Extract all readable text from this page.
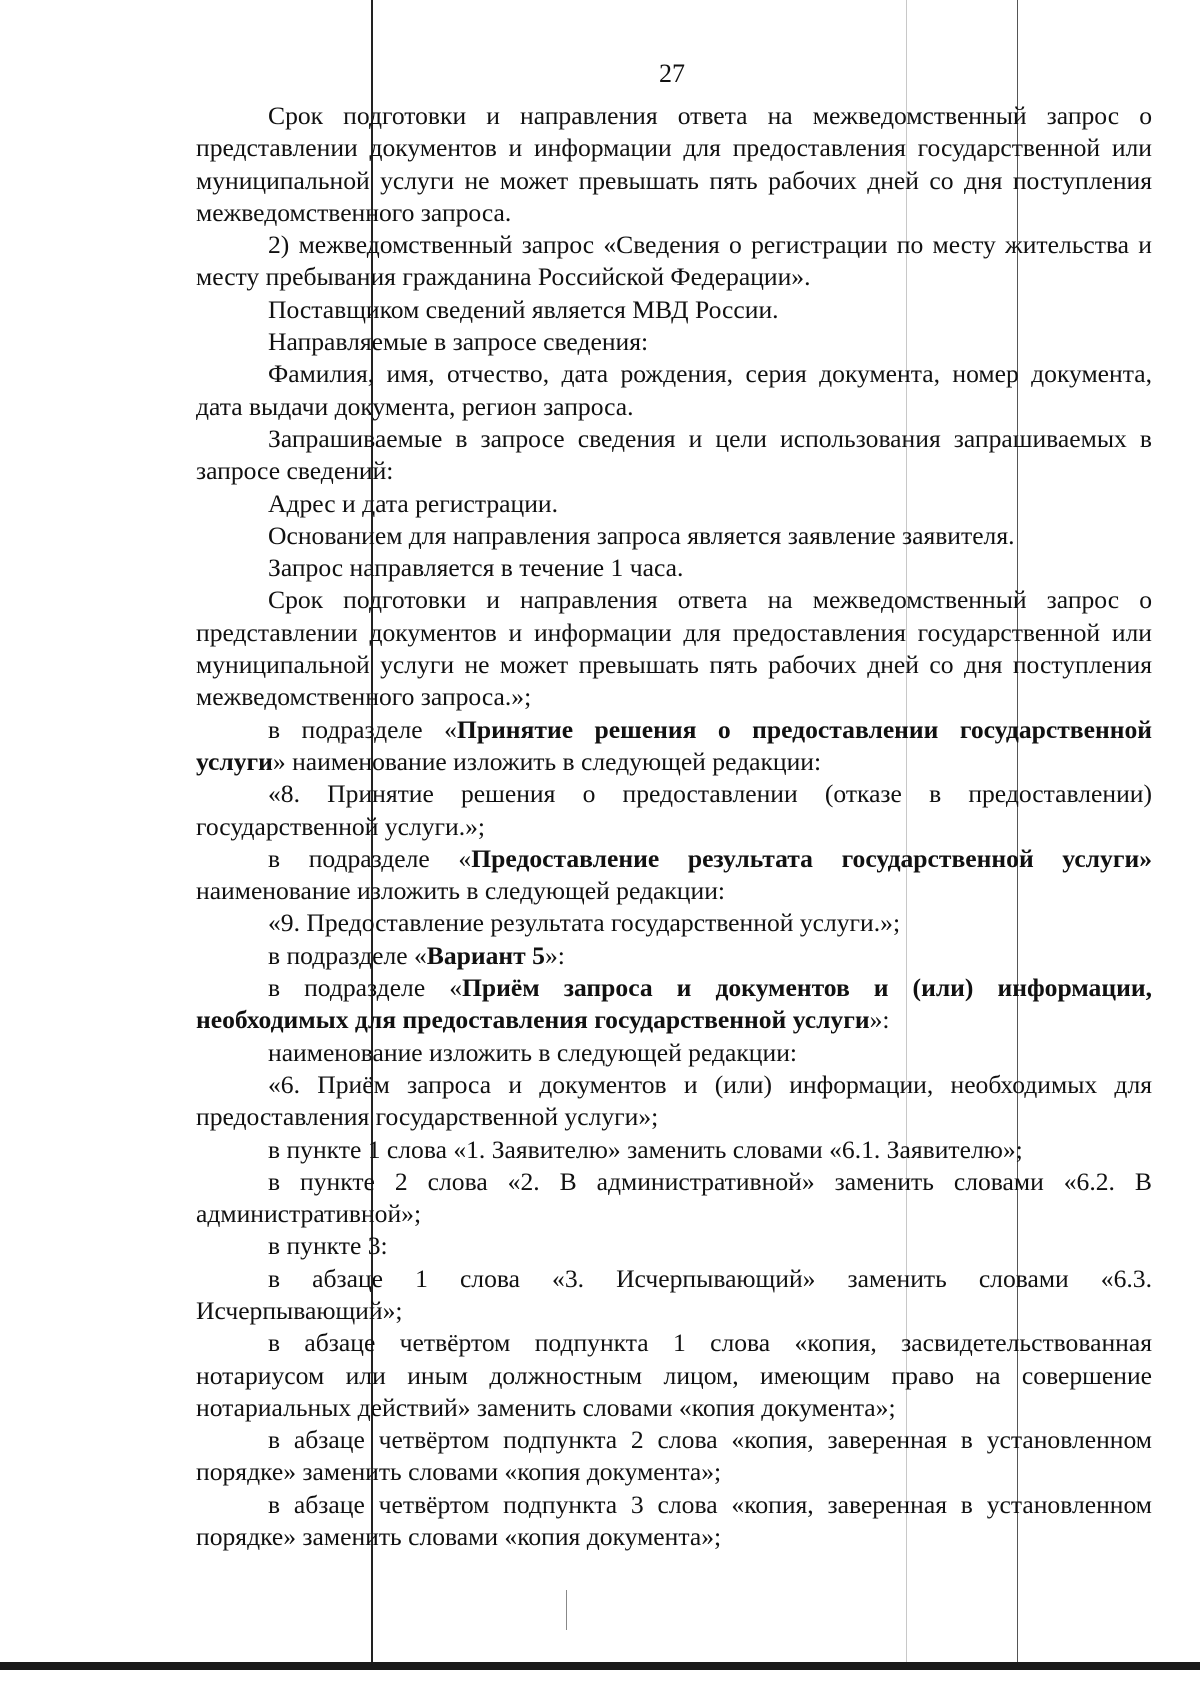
27

Срок подготовки и направления ответа на межведомственный запрос о представлении документов и информации для предоставления государственной или муниципальной услуги не может превышать пять рабочих дней со дня поступления межведомственного запроса.

2) межведомственный запрос «Сведения о регистрации по месту жительства и месту пребывания гражданина Российской Федерации».

Поставщиком сведений является МВД России.

Направляемые в запросе сведения:

Фамилия, имя, отчество, дата рождения, серия документа, номер документа, дата выдачи документа, регион запроса.

Запрашиваемые в запросе сведения и цели использования запрашиваемых в запросе сведений:

Адрес и дата регистрации.

Основанием для направления запроса является заявление заявителя.

Запрос направляется в течение 1 часа.

Срок подготовки и направления ответа на межведомственный запрос о представлении документов и информации для предоставления государственной или муниципальной услуги не может превышать пять рабочих дней со дня поступления межведомственного запроса.»;

в подразделе «Принятие решения о предоставлении государственной услуги» наименование изложить в следующей редакции:

«8. Принятие решения о предоставлении (отказе в предоставлении) государственной услуги.»;

в подразделе «Предоставление результата государственной услуги» наименование изложить в следующей редакции:

«9. Предоставление результата государственной услуги.»;

в подразделе «Вариант 5»:

в подразделе «Приём запроса и документов и (или) информации, необходимых для предоставления государственной услуги»:

наименование изложить в следующей редакции:

«6. Приём запроса и документов и (или) информации, необходимых для предоставления государственной услуги»;

в пункте 1 слова «1. Заявителю» заменить словами «6.1. Заявителю»;

в пункте 2 слова «2. В административной» заменить словами «6.2. В административной»;

в пункте 3:

в абзаце 1 слова «3. Исчерпывающий» заменить словами «6.3. Исчерпывающий»;

в абзаце четвёртом подпункта 1 слова «копия, засвидетельствованная нотариусом или иным должностным лицом, имеющим право на совершение нотариальных действий» заменить словами «копия документа»;

в абзаце четвёртом подпункта 2 слова «копия, заверенная в установленном порядке» заменить словами «копия документа»;

в абзаце четвёртом подпункта 3 слова «копия, заверенная в установленном порядке» заменить словами «копия документа»;
